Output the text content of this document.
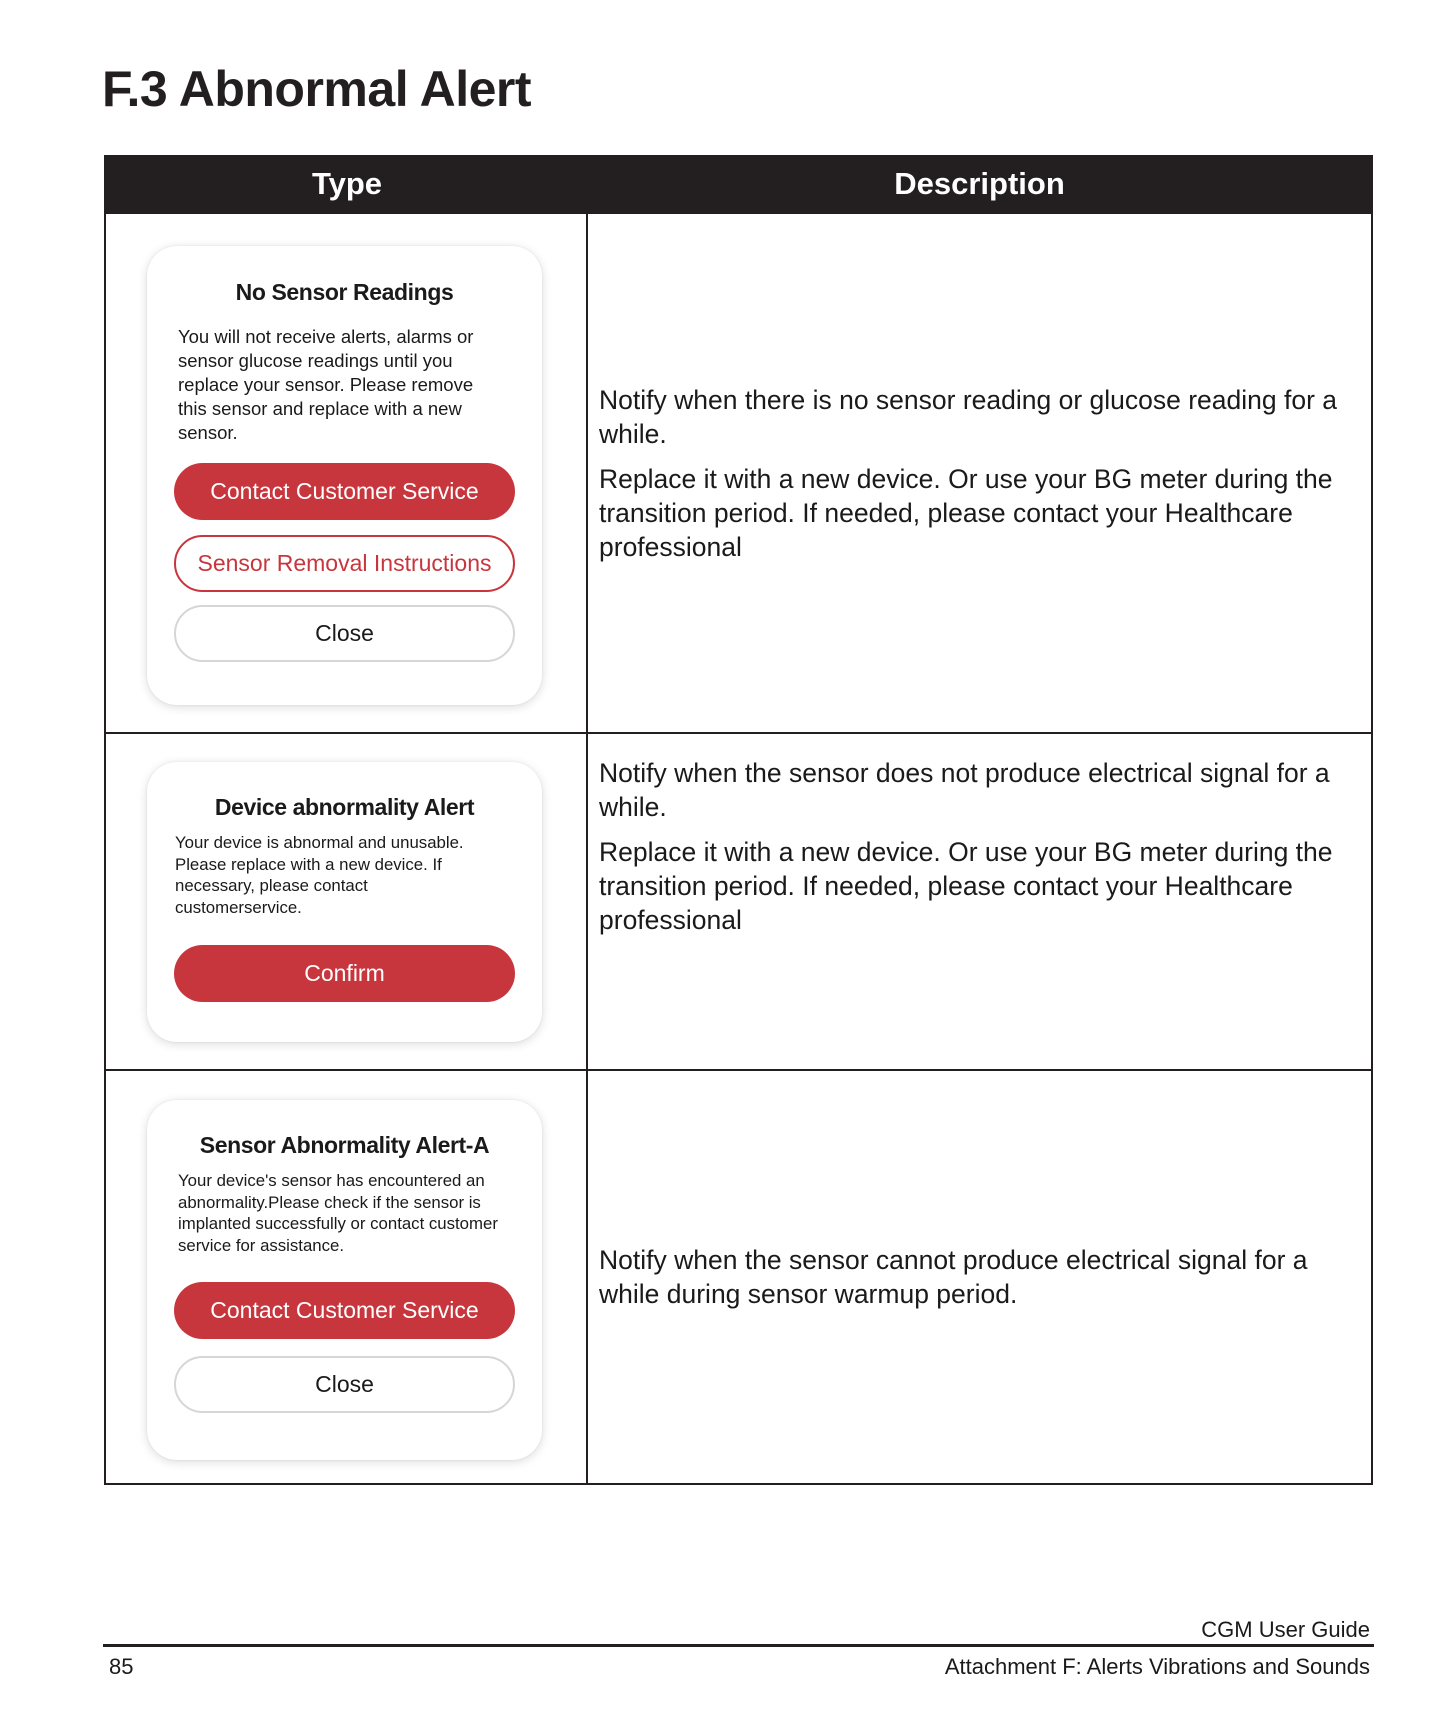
F.3 Abnormal Alert
Type	Description
No Sensor Readings
You will not receive alerts, alarms or sensor glucose readings until you replace your sensor. Please remove this sensor and replace with a new sensor.
Contact Customer Service
Sensor Removal Instructions
Close

Notify when there is no sensor reading or glucose reading for a while.

Replace it with a new device. Or use your BG meter during the transition period. If needed, please contact your Healthcare professional

Device abnormality Alert
Your device is abnormal and unusable. Please replace with a new device. If necessary, please contact customerservice.
Confirm

Notify when the sensor does not produce electrical signal for a while.

Replace it with a new device. Or use your BG meter during the transition period. If needed, please contact your Healthcare professional

Sensor Abnormality Alert-A
Your device's sensor has encountered an abnormality.Please check if the sensor is implanted successfully or contact customer service for assistance.
Contact Customer Service
Close

Notify when the sensor cannot produce electrical signal for a while during sensor warmup period.

CGM User Guide
85	Attachment F: Alerts Vibrations and Sounds
